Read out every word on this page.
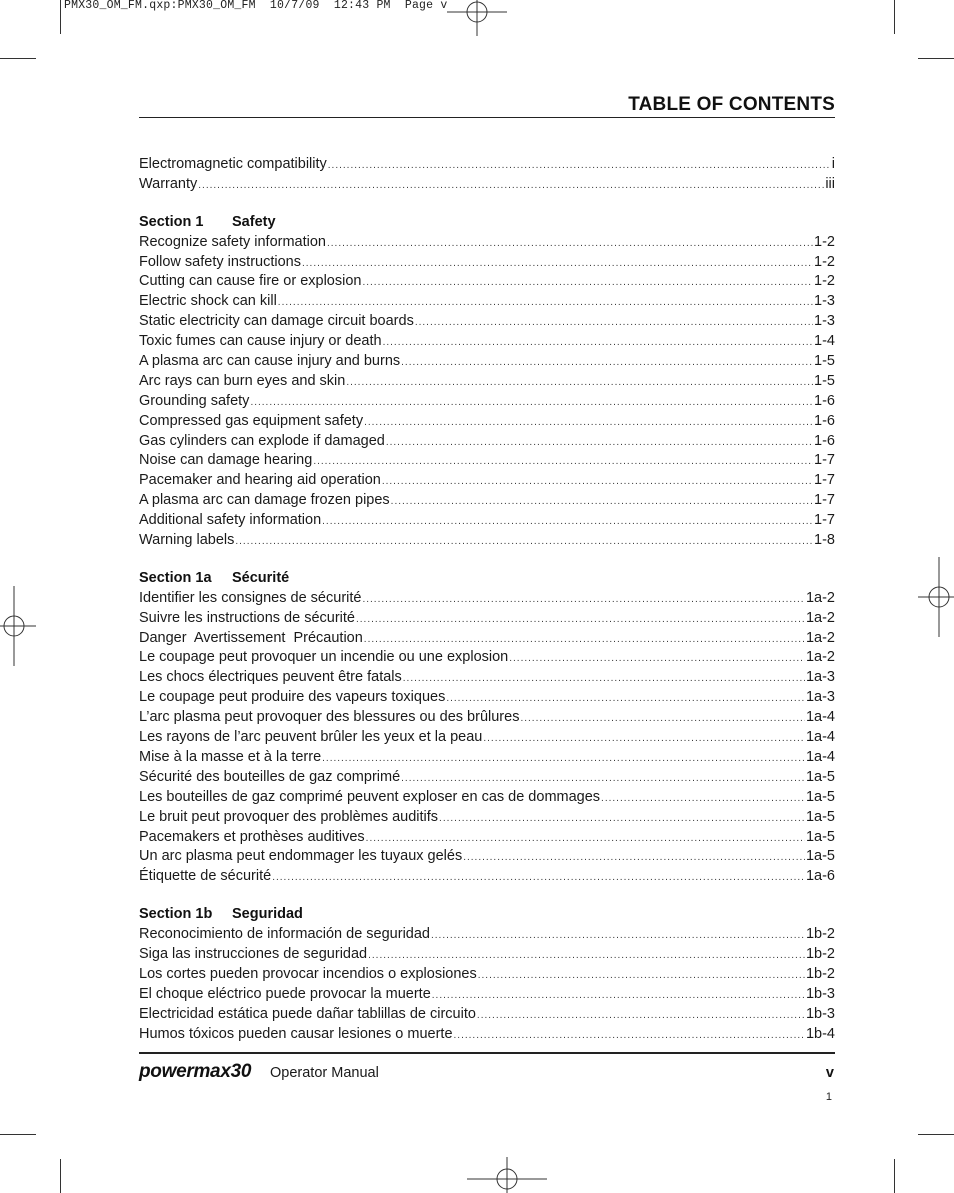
PMX30_OM_FM.qxp:PMX30_OM_FM  10/7/09  12:43 PM  Page v
TABLE OF CONTENTS
Electromagnetic compatibility .....	i
Warranty .....	iii
Section 1 Safety
Recognize safety information .....	1-2
Follow safety instructions .....	1-2
Cutting can cause fire or explosion .....	1-2
Electric shock can kill .....	1-3
Static electricity can damage circuit boards .....	1-3
Toxic fumes can cause injury or death .....	1-4
A plasma arc can cause injury and burns .....	1-5
Arc rays can burn eyes and skin .....	1-5
Grounding safety .....	1-6
Compressed gas equipment safety .....	1-6
Gas cylinders can explode if damaged .....	1-6
Noise can damage hearing .....	1-7
Pacemaker and hearing aid operation .....	1-7
A plasma arc can damage frozen pipes .....	1-7
Additional safety information .....	1-7
Warning labels .....	1-8
Section 1a Sécurité
Identifier les consignes de sécurité .....	1a-2
Suivre les instructions de sécurité .....	1a-2
Danger  Avertissement  Précaution .....	1a-2
Le coupage peut provoquer un incendie ou une explosion .....	1a-2
Les chocs électriques peuvent être fatals .....	1a-3
Le coupage peut produire des vapeurs toxiques .....	1a-3
L’arc plasma peut provoquer des blessures ou des brûlures .....	1a-4
Les rayons de l’arc peuvent brûler les yeux et la peau .....	1a-4
Mise à la masse et à la terre .....	1a-4
Sécurité des bouteilles de gaz comprimé .....	1a-5
Les bouteilles de gaz comprimé peuvent exploser en cas de dommages .....	1a-5
Le bruit peut provoquer des problèmes auditifs .....	1a-5
Pacemakers et prothèses auditives .....	1a-5
Un arc plasma peut endommager les tuyaux gelés .....	1a-5
Étiquette de sécurité .....	1a-6
Section 1b Seguridad
Reconocimiento de información de seguridad .....	1b-2
Siga las instrucciones de seguridad .....	1b-2
Los cortes pueden provocar incendios o explosiones .....	1b-2
El choque eléctrico puede provocar la muerte .....	1b-3
Electricidad estática puede dañar tablillas de circuito .....	1b-3
Humos tóxicos pueden causar lesiones o muerte .....	1b-4
powermax30 Operator Manual	v
1
